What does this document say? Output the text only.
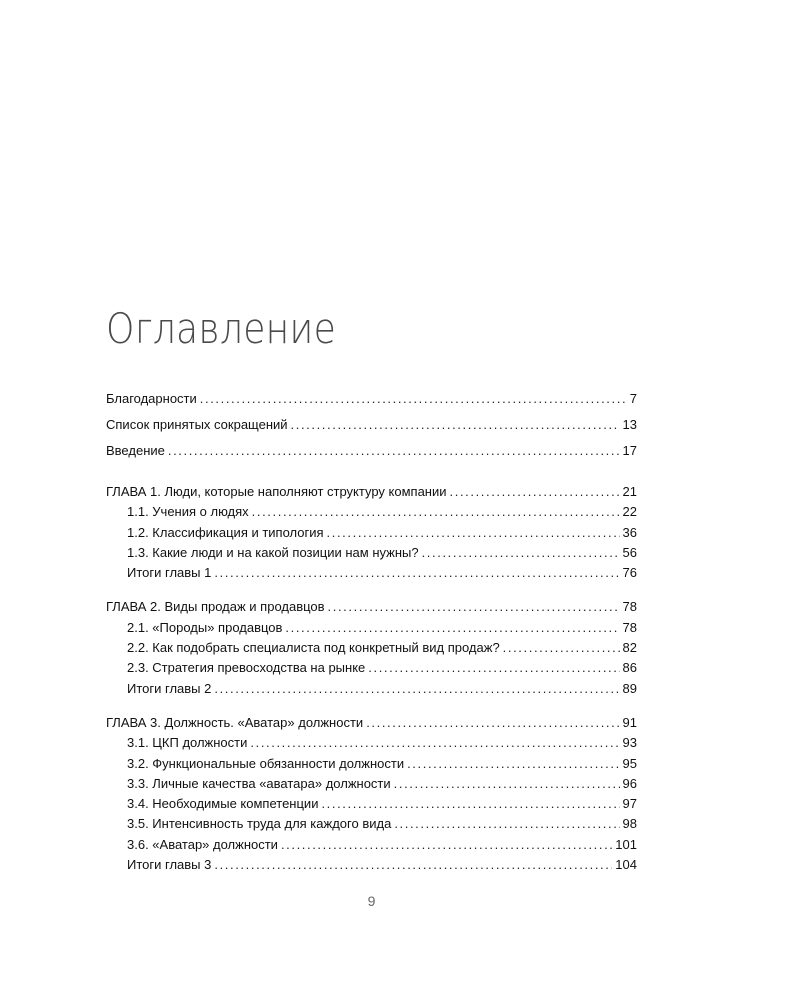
Оглавление
Благодарности .....	7
Список принятых сокращений .....	13
Введение .....	17
ГЛАВА 1. Люди, которые наполняют структуру компании .....	21
1.1. Учения о людях .....	22
1.2. Классификация и типология .....	36
1.3. Какие люди и на какой позиции нам нужны? .....	56
Итоги главы 1 .....	76
ГЛАВА 2. Виды продаж и продавцов .....	78
2.1. «Породы» продавцов .....	78
2.2. Как подобрать специалиста под конкретный вид продаж? .....	82
2.3. Стратегия превосходства на рынке .....	86
Итоги главы 2 .....	89
ГЛАВА 3. Должность. «Аватар» должности .....	91
3.1. ЦКП должности .....	93
3.2. Функциональные обязанности должности .....	95
3.3. Личные качества «аватара» должности .....	96
3.4. Необходимые компетенции .....	97
3.5. Интенсивность труда для каждого вида .....	98
3.6. «Аватар» должности .....	101
Итоги главы 3 .....	104
9
